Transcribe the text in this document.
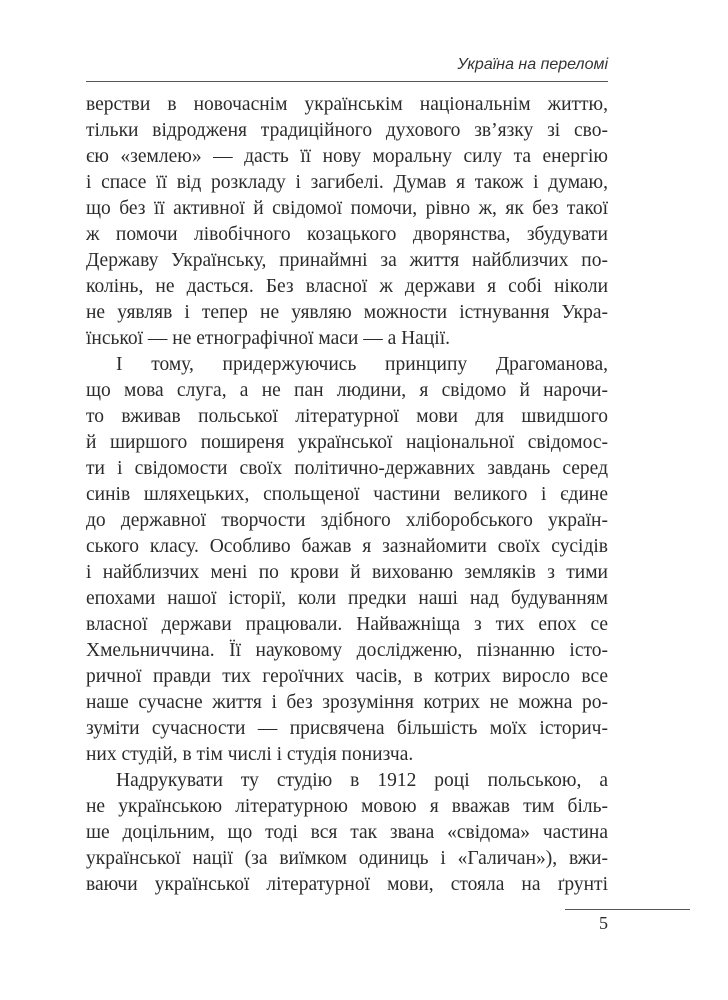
Україна на переломі
верстви в новочаснім українськім національнім життю,
тільки відродженя традиційного духового зв’язку зі сво-
єю «землею» — дасть її нову моральну силу та енергію
і спасе її від розкладу і загибелі. Думав я також і думаю,
що без її активної й свідомої помочи, рівно ж, як без такої
ж помочи лівобічного козацького дворянства, збудувати
Державу Українську, принаймні за життя найблизчих по-
колінь, не дасться. Без власної ж держави я собі ніколи
не уявляв і тепер не уявляю можности істнування Укра-
їнської — не етнографічної маси — а Нації.
І тому, придержуючись принципу Драгоманова,
що мова слуга, а не пан людини, я свідомо й нарочи-
то вживав польської літературної мови для швидшого
й ширшого поширеня української національної свідомос-
ти і свідомости своїх політично-державних завдань серед
синів шляхецьких, спольщеної частини великого і єдине
до державної творчости здібного хліборобського україн-
ського класу. Особливо бажав я зазнайомити своїх сусідів
і найблизчих мені по крови й вихованю земляків з тими
епохами нашої історії, коли предки наші над будуванням
власної держави працювали. Найважніща з тих епох се
Хмельниччина. Її науковому дослідженю, пізнанню істо-
ричної правди тих героїчних часів, в котрих виросло все
наше сучасне життя і без зрозуміння котрих не можна ро-
зуміти сучасности — присвячена більшість моїх історич-
них студій, в тім числі і студія понизча.
Надрукувати ту студію в 1912 році польською, а
не українською літературною мовою я вважав тим біль-
ше доцільним, що тоді вся так звана «свідома» частина
української нації (за виїмком одиниць і «Галичан»), вжи-
ваючи української літературної мови, стояла на ґрунті
5
